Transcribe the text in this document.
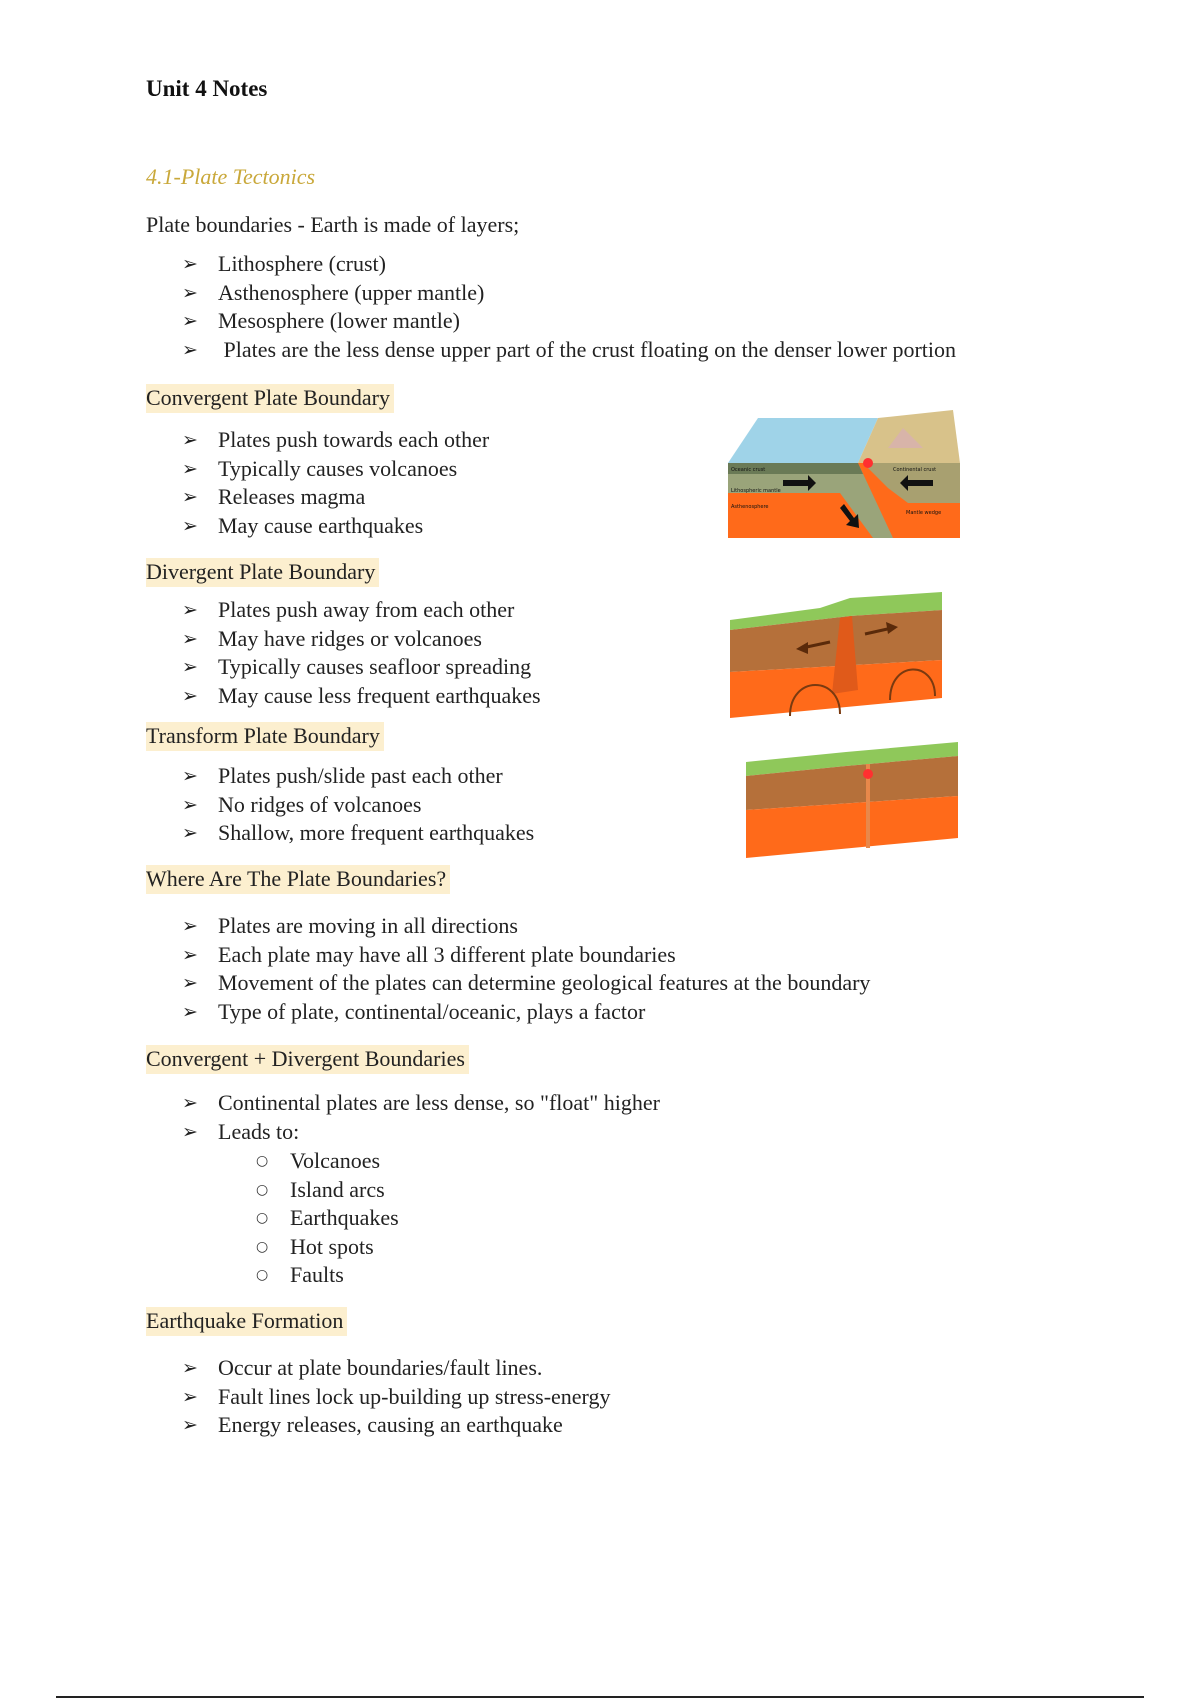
Unit 4 Notes
4.1-Plate Tectonics
Plate boundaries - Earth is made of layers;
➢ Lithosphere (crust)
➢ Asthenosphere (upper mantle)
➢ Mesosphere (lower mantle)
➢ Plates are the less dense upper part of the crust floating on the denser lower portion
Convergent Plate Boundary
➢ Plates push towards each other
➢ Typically causes volcanoes
➢ Releases magma
➢ May cause earthquakes
Oceanic crust
Lithospheric mantle
Asthenosphere
Continental crust
Mantle wedge
Divergent Plate Boundary
➢ Plates push away from each other
➢ May have ridges or volcanoes
➢ Typically causes seafloor spreading
➢ May cause less frequent earthquakes
Transform Plate Boundary
➢ Plates push/slide past each other
➢ No ridges of volcanoes
➢ Shallow, more frequent earthquakes
Where Are The Plate Boundaries?
➢ Plates are moving in all directions
➢ Each plate may have all 3 different plate boundaries
➢ Movement of the plates can determine geological features at the boundary
➢ Type of plate, continental/oceanic, plays a factor
Convergent + Divergent Boundaries
➢ Continental plates are less dense, so "float" higher
➢ Leads to:
○ Volcanoes
○ Island arcs
○ Earthquakes
○ Hot spots
○ Faults
Earthquake Formation
➢ Occur at plate boundaries/fault lines.
➢ Fault lines lock up-building up stress-energy
➢ Energy releases, causing an earthquake
